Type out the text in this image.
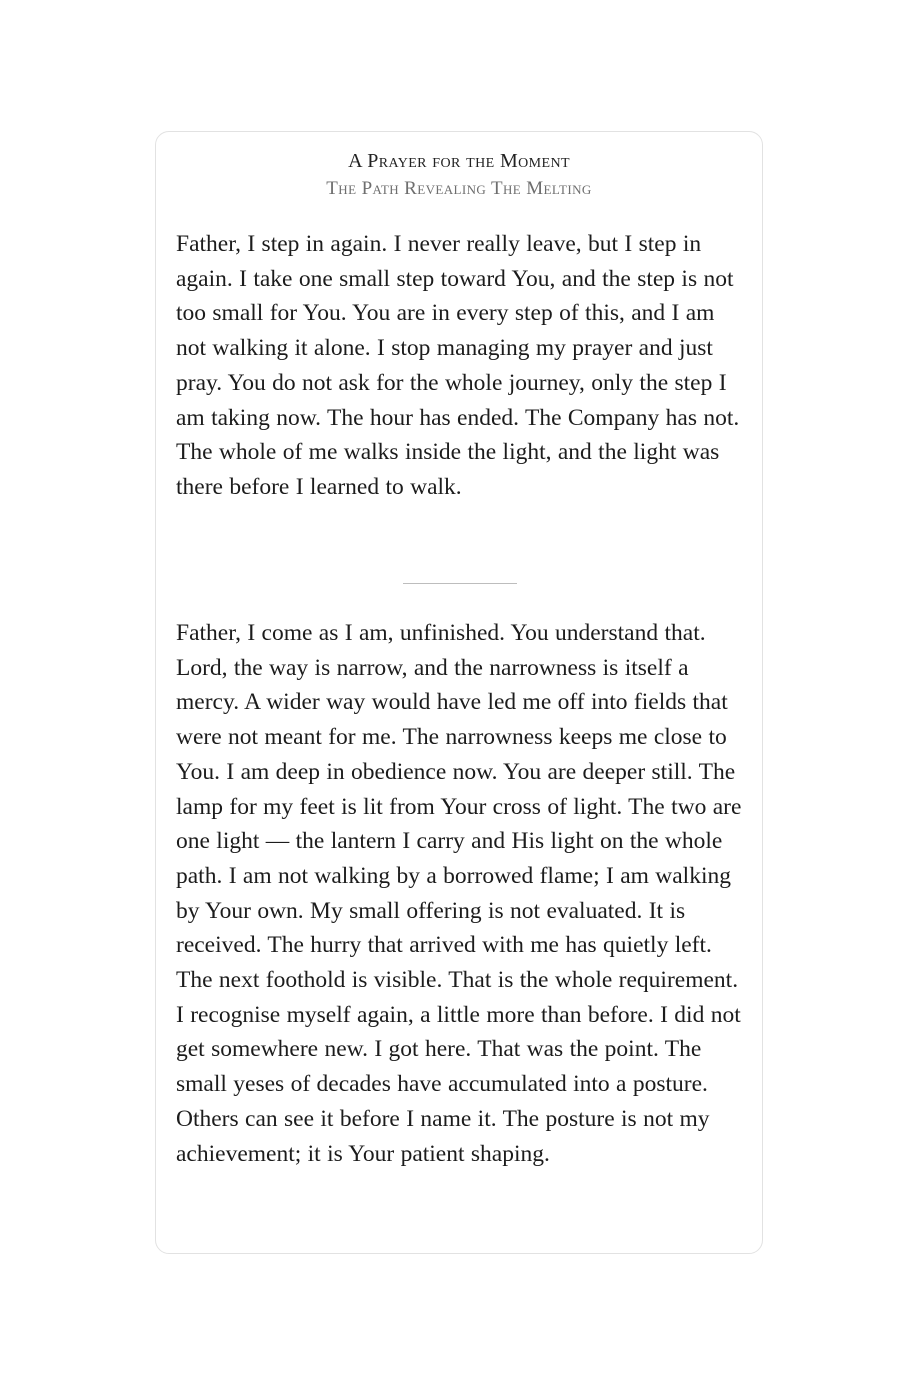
A Prayer for the Moment
The Path Revealing The Melting

Father, I step in again. I never really leave, but I step in again. I take one small step toward You, and the step is not too small for You. You are in every step of this, and I am not walking it alone. I stop managing my prayer and just pray. You do not ask for the whole journey, only the step I am taking now. The hour has ended. The Company has not. The whole of me walks inside the light, and the light was there before I learned to walk.

Father, I come as I am, unfinished. You understand that. Lord, the way is narrow, and the narrowness is itself a mercy. A wider way would have led me off into fields that were not meant for me. The narrowness keeps me close to You. I am deep in obedience now. You are deeper still. The lamp for my feet is lit from Your cross of light. The two are one light — the lantern I carry and His light on the whole path. I am not walking by a borrowed flame; I am walking by Your own. My small offering is not evaluated. It is received. The hurry that arrived with me has quietly left. The next foothold is visible. That is the whole requirement. I recognise myself again, a little more than before. I did not get somewhere new. I got here. That was the point. The small yeses of decades have accumulated into a posture. Others can see it before I name it. The posture is not my achievement; it is Your patient shaping.
